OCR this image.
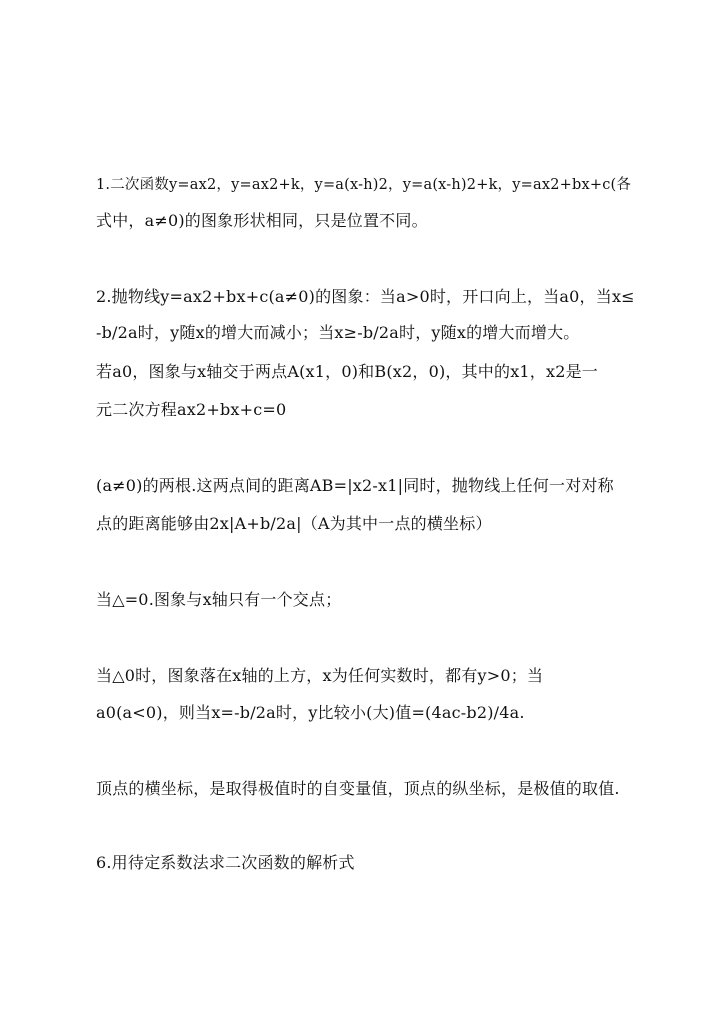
1.二次函数y=ax2，y=ax2+k，y=a(x-h)2，y=a(x-h)2+k，y=ax2+bx+c(各
式中，a≠0)的图象形状相同，只是位置不同。
2.抛物线y=ax2+bx+c(a≠0)的图象：当a>0时，开口向上，当a0，当x≤
-b/2a时，y随x的增大而减小；当x≥-b/2a时，y随x的增大而增大。
若a0，图象与x轴交于两点A(x1，0)和B(x2，0)，其中的x1，x2是一
元二次方程ax2+bx+c=0
(a≠0)的两根.这两点间的距离AB=|x2-x1|同时，抛物线上任何一对对称
点的距离能够由2x|A+b/2a|（A为其中一点的横坐标）
当△=0.图象与x轴只有一个交点；
当△0时，图象落在x轴的上方，x为任何实数时，都有y>0；当
a0(a<0)，则当x=-b/2a时，y比较小(大)值=(4ac-b2)/4a.
顶点的横坐标，是取得极值时的自变量值，顶点的纵坐标，是极值的取值.
6.用待定系数法求二次函数的解析式
